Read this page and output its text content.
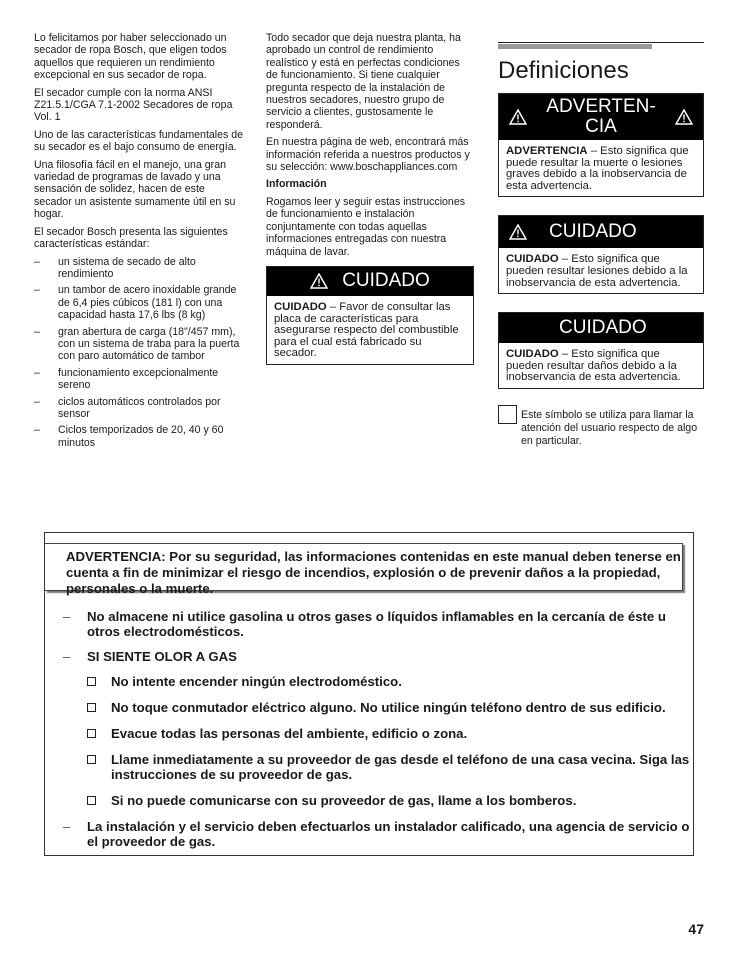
Lo felicitamos por haber seleccionado un secador de ropa Bosch, que eligen todos aquellos que requieren un rendimiento excepcional en sus secador de ropa.

El secador cumple con la norma ANSI Z21.5.1/CGA 7.1-2002 Secadores de ropa Vol. 1

Uno de las características fundamentales de su secador es el bajo consumo de energía.

Una filosofía fácil en el manejo, una gran variedad de programas de lavado y una sensación de solidez, hacen de este secador un asistente sumamente útil en su hogar.

El secador Bosch presenta las siguientes características estándar:

– un sistema de secado de alto rendimiento
– un tambor de acero inoxidable grande de 6,4 pies cúbicos (181 l) con una capacidad hasta 17,6 lbs (8 kg)
– gran abertura de carga (18"/457 mm), con un sistema de traba para la puerta con paro automático de tambor
– funcionamiento excepcionalmente sereno
– ciclos automáticos controlados por sensor
– Ciclos temporizados de 20, 40 y 60 minutos

Todo secador que deja nuestra planta, ha aprobado un control de rendimiento realístico y está en perfectas condiciones de funcionamiento. Si tiene cualquier pregunta respecto de la instalación de nuestros secadores, nuestro grupo de servicio a clientes, gustosamente le responderá.

En nuestra página de web, encontrará más información referida a nuestros productos y su selección: www.boschappliances.com

Información

Rogamos leer y seguir estas instrucciones de funcionamiento e instalación conjuntamente con todas aquellas informaciones entregadas con nuestra máquina de lavar.

CUIDADO
CUIDADO – Favor de consultar las placa de características para asegurarse respecto del combustible para el cual está fabricado su secador.
Definiciones
ADVERTEN-CIA
ADVERTENCIA – Esto significa que puede resultar la muerte o lesiones graves debido a la inobservancia de esta advertencia.
CUIDADO
CUIDADO – Esto significa que pueden resultar lesiones debido a la inobservancia de esta advertencia.
CUIDADO
CUIDADO – Esto significa que pueden resultar daños debido a la inobservancia de esta advertencia.
Este símbolo se utiliza para llamar la atención del usuario respecto de algo en particular.
ADVERTENCIA: Por su seguridad, las informaciones contenidas en este manual deben tenerse en cuenta a fin de minimizar el riesgo de incendios, explosión o de prevenir daños a la propiedad, personales o la muerte.
– No almacene ni utilice gasolina u otros gases o líquidos inflamables en la cercanía de éste u otros electrodomésticos.
– SI SIENTE OLOR A GAS
No intente encender ningún electrodoméstico.
No toque conmutador eléctrico alguno. No utilice ningún teléfono dentro de sus edificio.
Evacue todas las personas del ambiente, edificio o zona.
Llame inmediatamente a su proveedor de gas desde el teléfono de una casa vecina. Siga las instrucciones de su proveedor de gas.
Si no puede comunicarse con su proveedor de gas, llame a los bomberos.
– La instalación y el servicio deben efectuarlos un instalador calificado, una agencia de servicio o el proveedor de gas.
47
